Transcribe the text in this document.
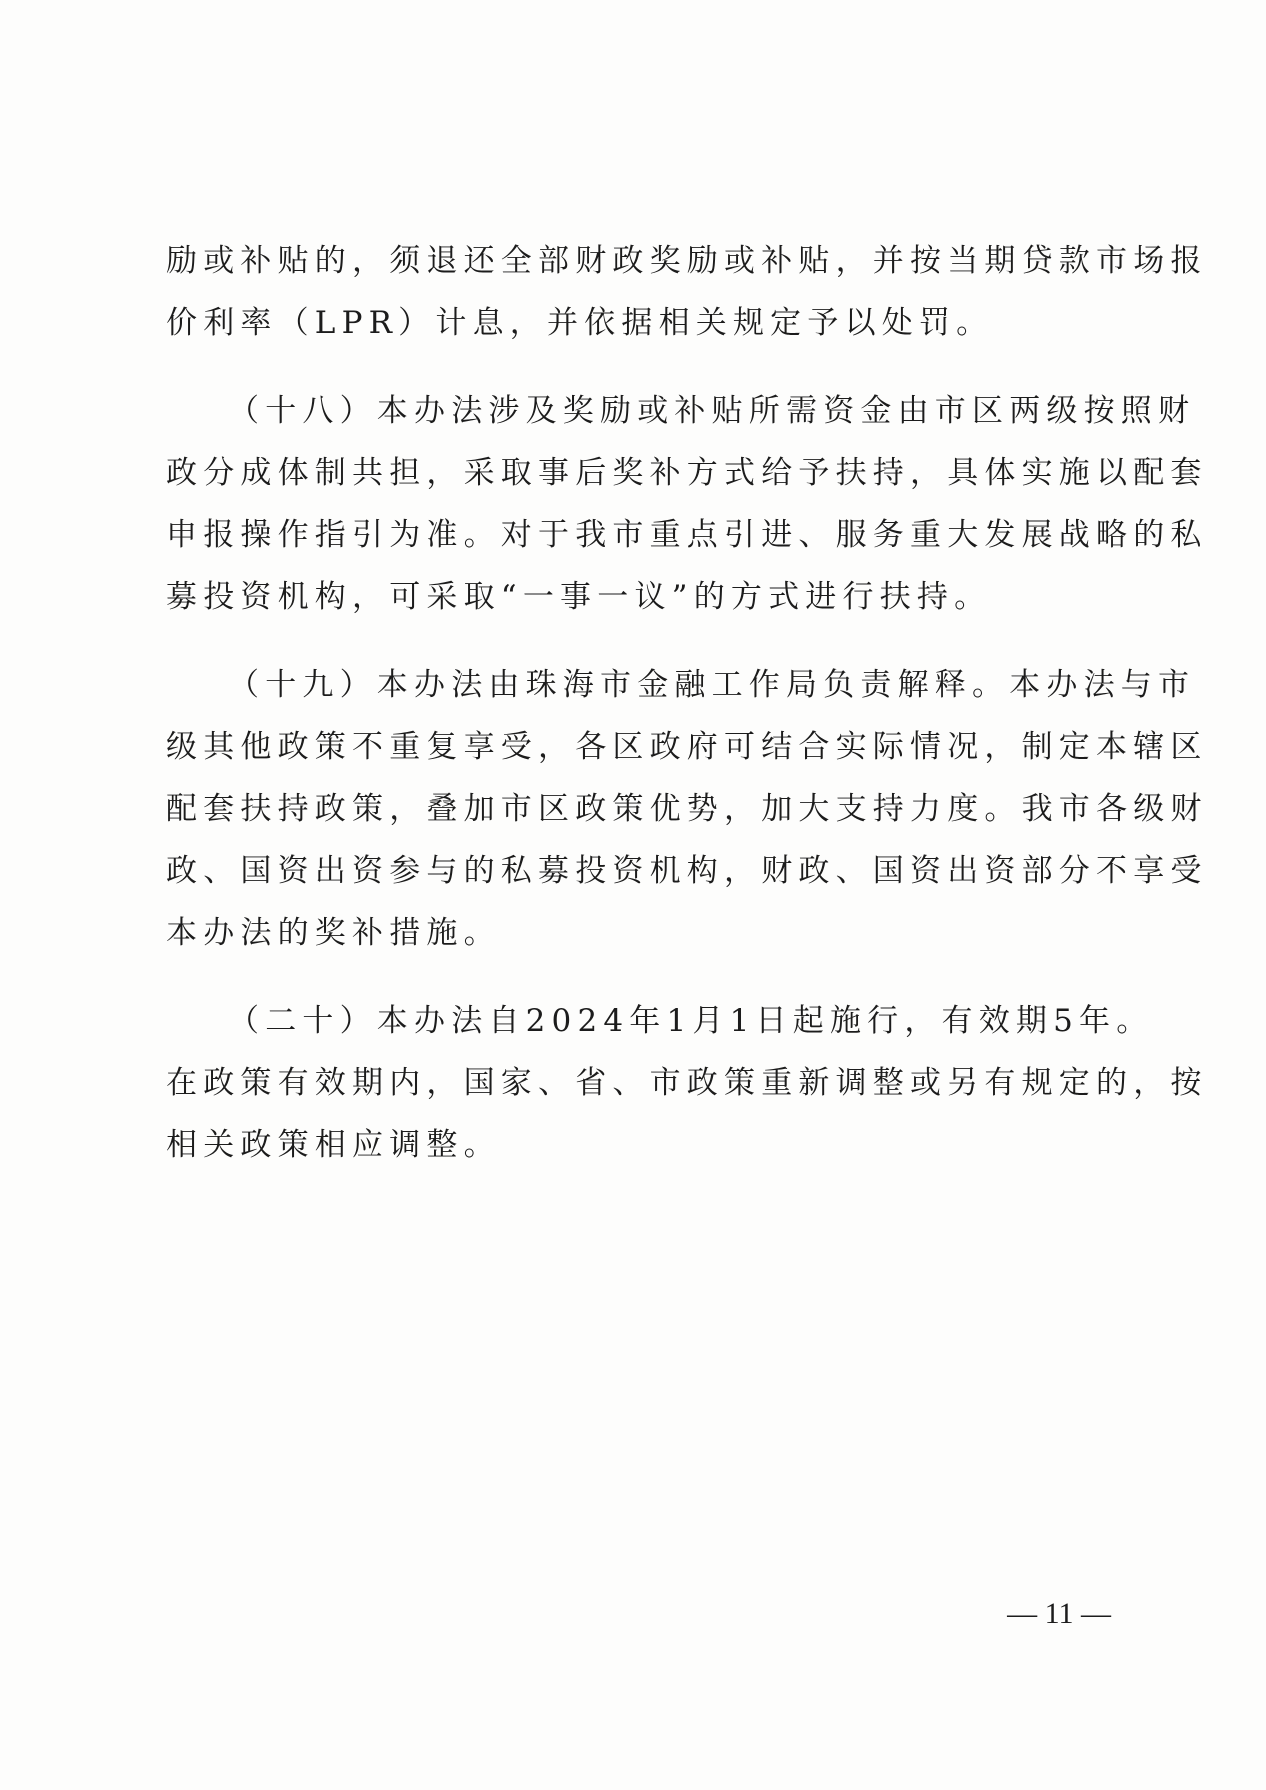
励或补贴的，须退还全部财政奖励或补贴，并按当期贷款市场报
价利率（LPR）计息，并依据相关规定予以处罚。
（十八）本办法涉及奖励或补贴所需资金由市区两级按照财
政分成体制共担，采取事后奖补方式给予扶持，具体实施以配套
申报操作指引为准。对于我市重点引进、服务重大发展战略的私
募投资机构，可采取“一事一议”的方式进行扶持。
（十九）本办法由珠海市金融工作局负责解释。本办法与市
级其他政策不重复享受，各区政府可结合实际情况，制定本辖区
配套扶持政策，叠加市区政策优势，加大支持力度。我市各级财
政、国资出资参与的私募投资机构，财政、国资出资部分不享受
本办法的奖补措施。
（二十）本办法自2024年1月1日起施行，有效期5年。
在政策有效期内，国家、省、市政策重新调整或另有规定的，按
相关政策相应调整。
— 11 —
